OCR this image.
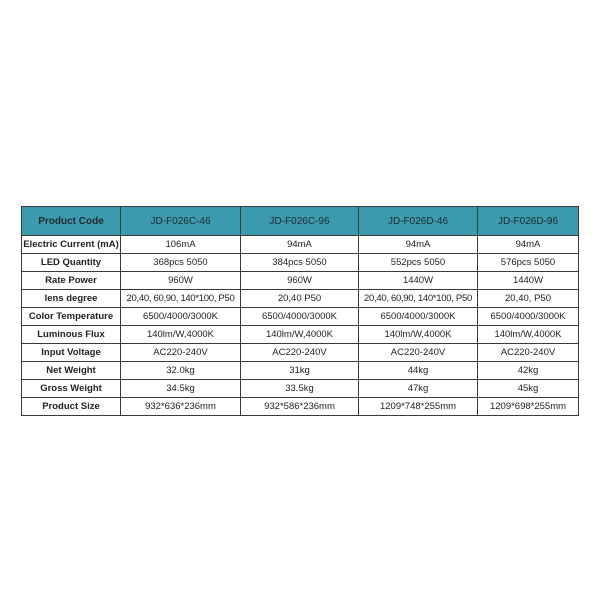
Product Code	JD-F026C-46	JD-F026C-96	JD-F026D-46	JD-F026D-96
Electric Current (mA)	106mA	94mA	94mA	94mA
LED Quantity	368pcs 5050	384pcs 5050	552pcs 5050	576pcs 5050
Rate Power	960W	960W	1440W	1440W
lens degree	20,40, 60,90, 140*100, P50	20,40 P50	20,40, 60,90, 140*100, P50	20,40, P50
Color Temperature	6500/4000/3000K	6500/4000/3000K	6500/4000/3000K	6500/4000/3000K
Luminous Flux	140lm/W,4000K	140lm/W,4000K	140lm/W,4000K	140lm/W,4000K
Input Voltage	AC220-240V	AC220-240V	AC220-240V	AC220-240V
Net Weight	32.0kg	31kg	44kg	42kg
Gross Weight	34.5kg	33.5kg	47kg	45kg
Product Size	932*636*236mm	932*586*236mm	1209*748*255mm	1209*698*255mm
